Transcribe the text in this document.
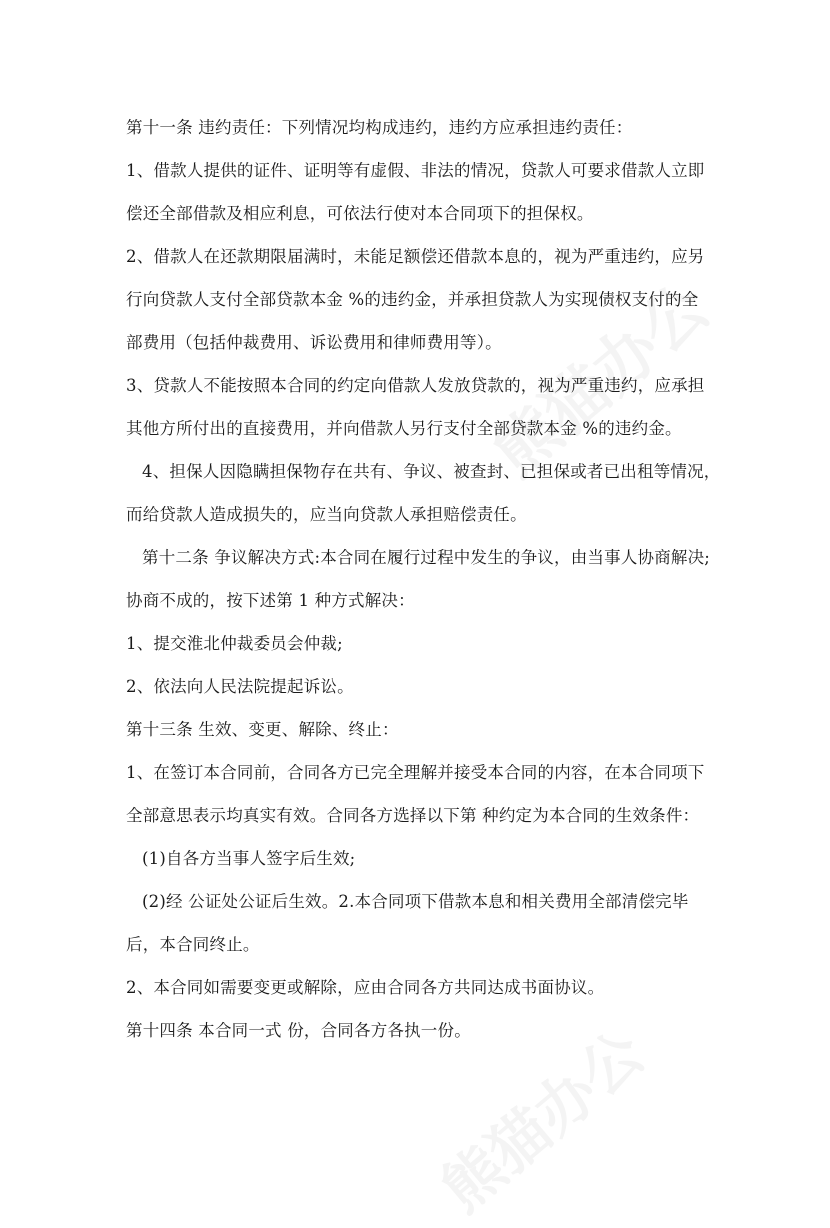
第十一条 违约责任：下列情况均构成违约，违约方应承担违约责任：

1、借款人提供的证件、证明等有虚假、非法的情况，贷款人可要求借款人立即

偿还全部借款及相应利息，可依法行使对本合同项下的担保权。

2、借款人在还款期限届满时，未能足额偿还借款本息的，视为严重违约，应另

行向贷款人支付全部贷款本金 %的违约金，并承担贷款人为实现债权支付的全

部费用（包括仲裁费用、诉讼费用和律师费用等）。

3、贷款人不能按照本合同的约定向借款人发放贷款的，视为严重违约，应承担

其他方所付出的直接费用，并向借款人另行支付全部贷款本金 %的违约金。

4、担保人因隐瞒担保物存在共有、争议、被查封、已担保或者已出租等情况，

而给贷款人造成损失的，应当向贷款人承担赔偿责任。

第十二条 争议解决方式:本合同在履行过程中发生的争议，由当事人协商解决;

协商不成的，按下述第 1 种方式解决：

1、提交淮北仲裁委员会仲裁;

2、依法向人民法院提起诉讼。

第十三条 生效、变更、解除、终止：

1、在签订本合同前，合同各方已完全理解并接受本合同的内容，在本合同项下

全部意思表示均真实有效。合同各方选择以下第 种约定为本合同的生效条件：

(1)自各方当事人签字后生效;

(2)经 公证处公证后生效。2.本合同项下借款本息和相关费用全部清偿完毕

后，本合同终止。

2、本合同如需要变更或解除，应由合同各方共同达成书面协议。

第十四条 本合同一式 份，合同各方各执一份。
